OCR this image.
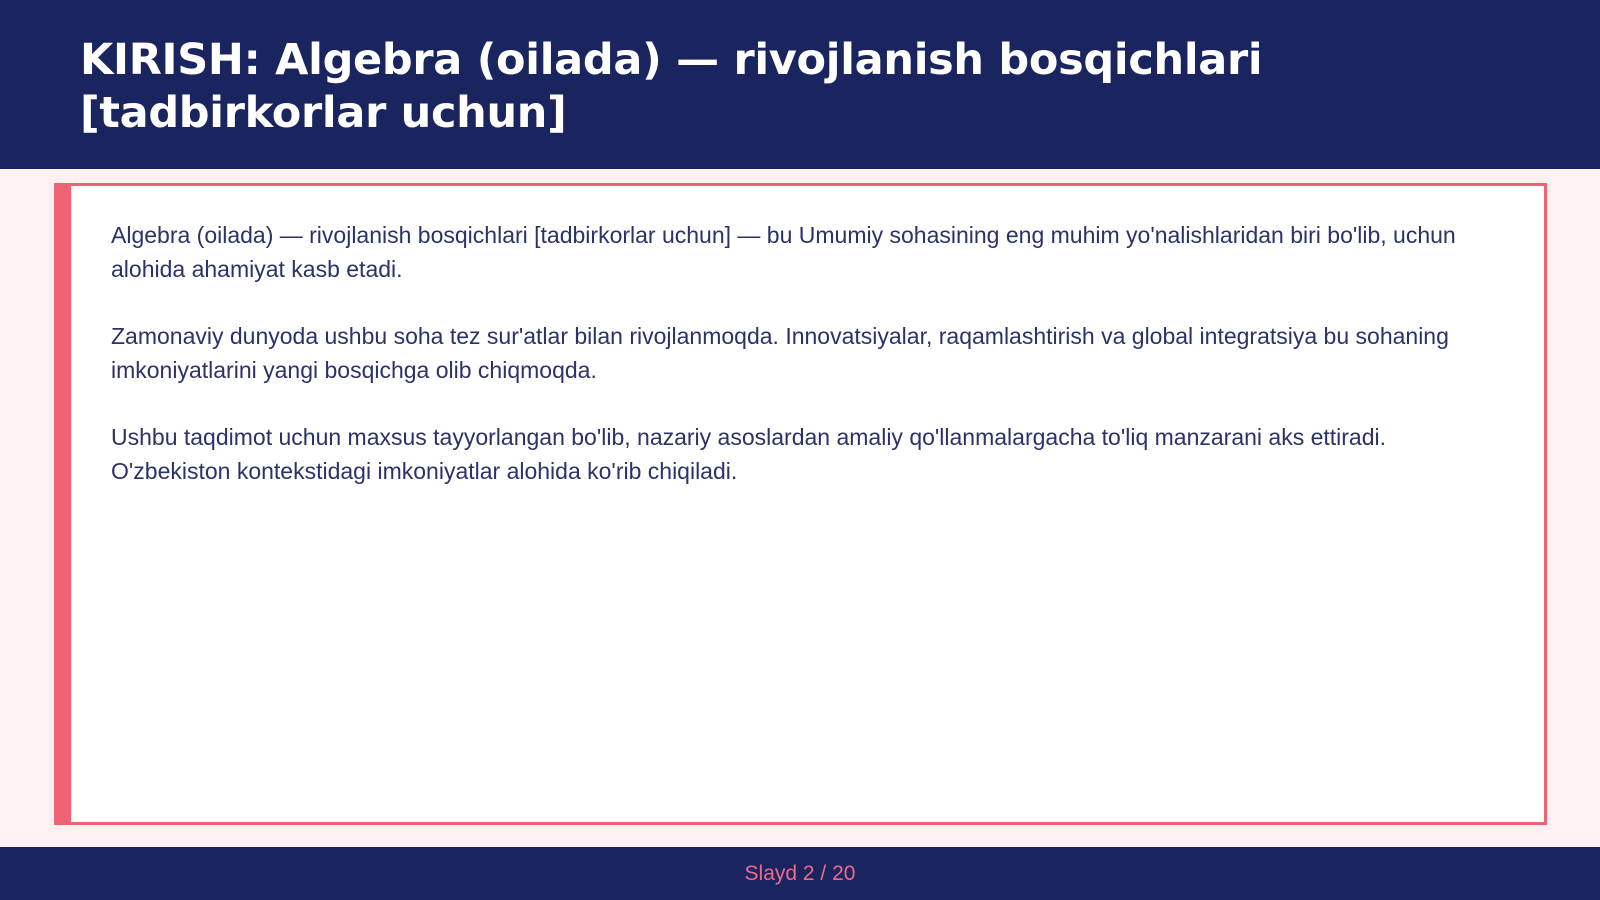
KIRISH: Algebra (oilada) — rivojlanish bosqichlari [tadbirkorlar uchun]

Algebra (oilada) — rivojlanish bosqichlari [tadbirkorlar uchun] — bu Umumiy sohasining eng muhim yo'nalishlaridan biri bo'lib, uchun alohida ahamiyat kasb etadi.

Zamonaviy dunyoda ushbu soha tez sur'atlar bilan rivojlanmoqda. Innovatsiyalar, raqamlashtirish va global integratsiya bu sohaning imkoniyatlarini yangi bosqichga olib chiqmoqda.

Ushbu taqdimot uchun maxsus tayyorlangan bo'lib, nazariy asoslardan amaliy qo'llanmalargacha to'liq manzarani aks ettiradi. O'zbekiston kontekstidagi imkoniyatlar alohida ko'rib chiqiladi.

Slayd 2 / 20
